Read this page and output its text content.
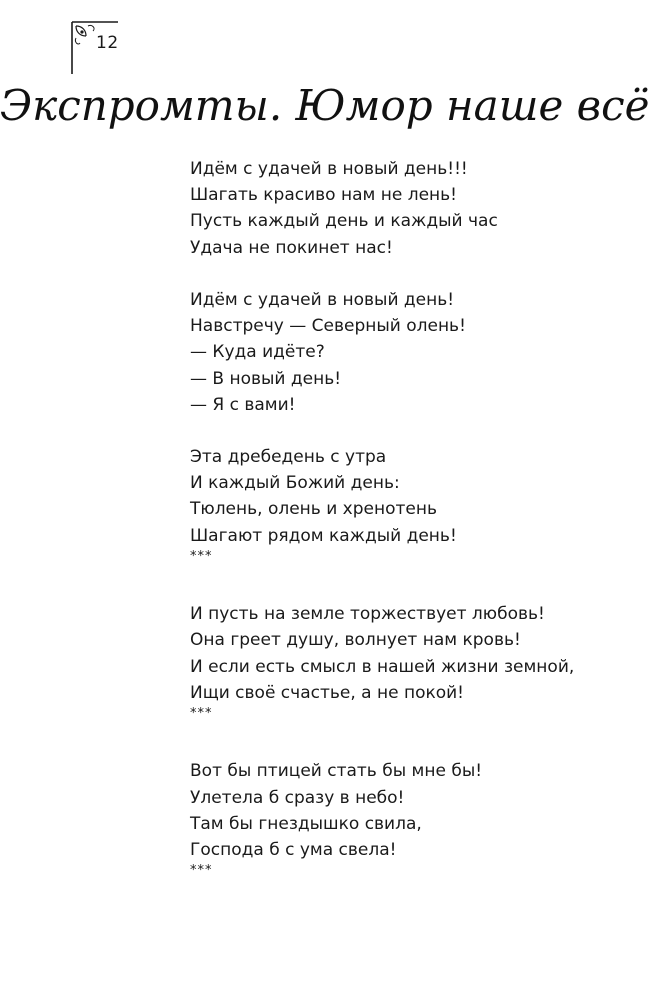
12
Экспромты. Юмор наше всё
Идём с удачей в новый день!!!
Шагать красиво нам не лень!
Пусть каждый день и каждый час
Удача не покинет нас!
Идём с удачей в новый день!
Навстречу — Северный олень!
— Куда идёте?
— В новый день!
— Я с вами!
Эта дребедень с утра
И каждый Божий день:
Тюлень, олень и хренотень
Шагают рядом каждый день!
***
И пусть на земле торжествует любовь!
Она греет душу, волнует нам кровь!
И если есть смысл в нашей жизни земной,
Ищи своё счастье, а не покой!
***
Вот бы птицей стать бы мне бы!
Улетела б сразу в небо!
Там бы гнездышко свила,
Господа б с ума свела!
***
